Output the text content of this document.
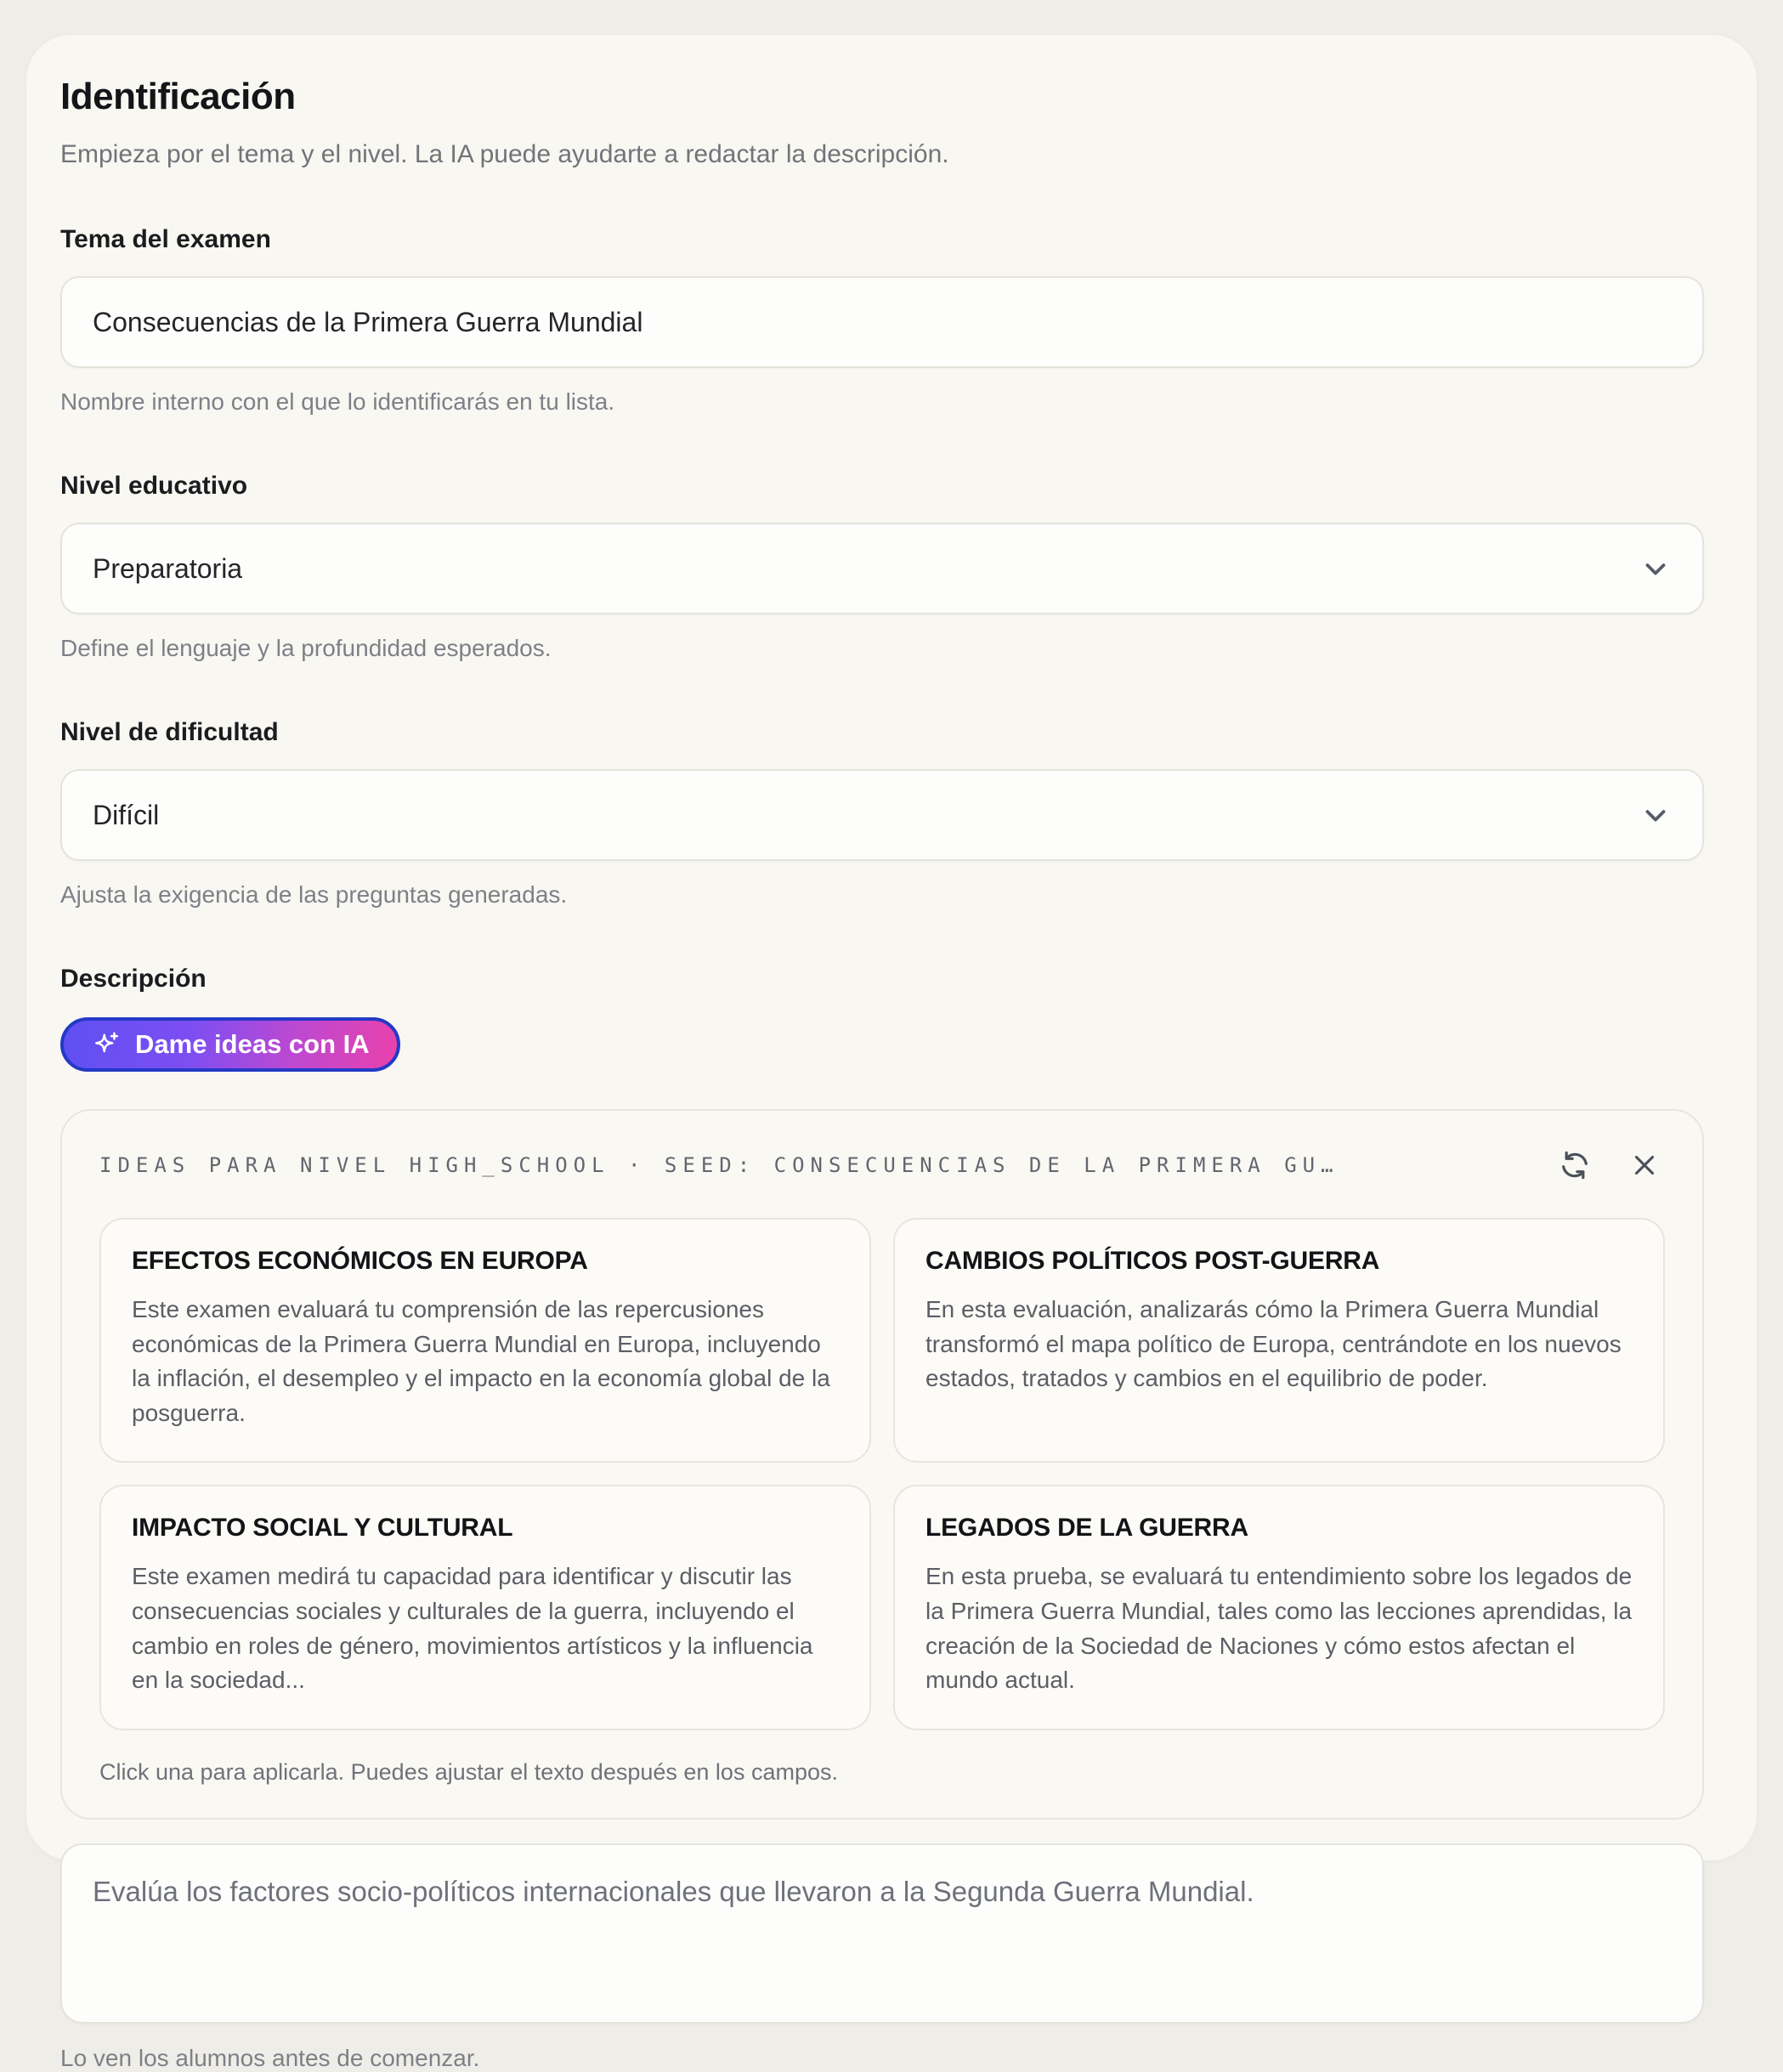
Identificación

Empieza por el tema y el nivel. La IA puede ayudarte a redactar la descripción.

Tema del examen
Consecuencias de la Primera Guerra Mundial

Nombre interno con el que lo identificarás en tu lista.

Nivel educativo
Preparatoria

Define el lenguaje y la profundidad esperados.

Nivel de dificultad
Difícil

Ajusta la exigencia de las preguntas generadas.

Descripción
Dame ideas con IA
IDEAS PARA NIVEL HIGH_SCHOOL · SEED: CONSECUENCIAS DE LA PRIMERA GU…
EFECTOS ECONÓMICOS EN EUROPA

Este examen evaluará tu comprensión de las repercusiones económicas de la Primera Guerra Mundial en Europa, incluyendo la inflación, el desempleo y el impacto en la economía global de la posguerra.

CAMBIOS POLÍTICOS POST-GUERRA

En esta evaluación, analizarás cómo la Primera Guerra Mundial transformó el mapa político de Europa, centrándote en los nuevos estados, tratados y cambios en el equilibrio de poder.

IMPACTO SOCIAL Y CULTURAL

Este examen medirá tu capacidad para identificar y discutir las consecuencias sociales y culturales de la guerra, incluyendo el cambio en roles de género, movimientos artísticos y la influencia en la sociedad...

LEGADOS DE LA GUERRA

En esta prueba, se evaluará tu entendimiento sobre los legados de la Primera Guerra Mundial, tales como las lecciones aprendidas, la creación de la Sociedad de Naciones y cómo estos afectan el mundo actual.

Click una para aplicarla. Puedes ajustar el texto después en los campos.

Evalúa los factores socio-políticos internacionales que llevaron a la Segunda Guerra Mundial.

Lo ven los alumnos antes de comenzar.
